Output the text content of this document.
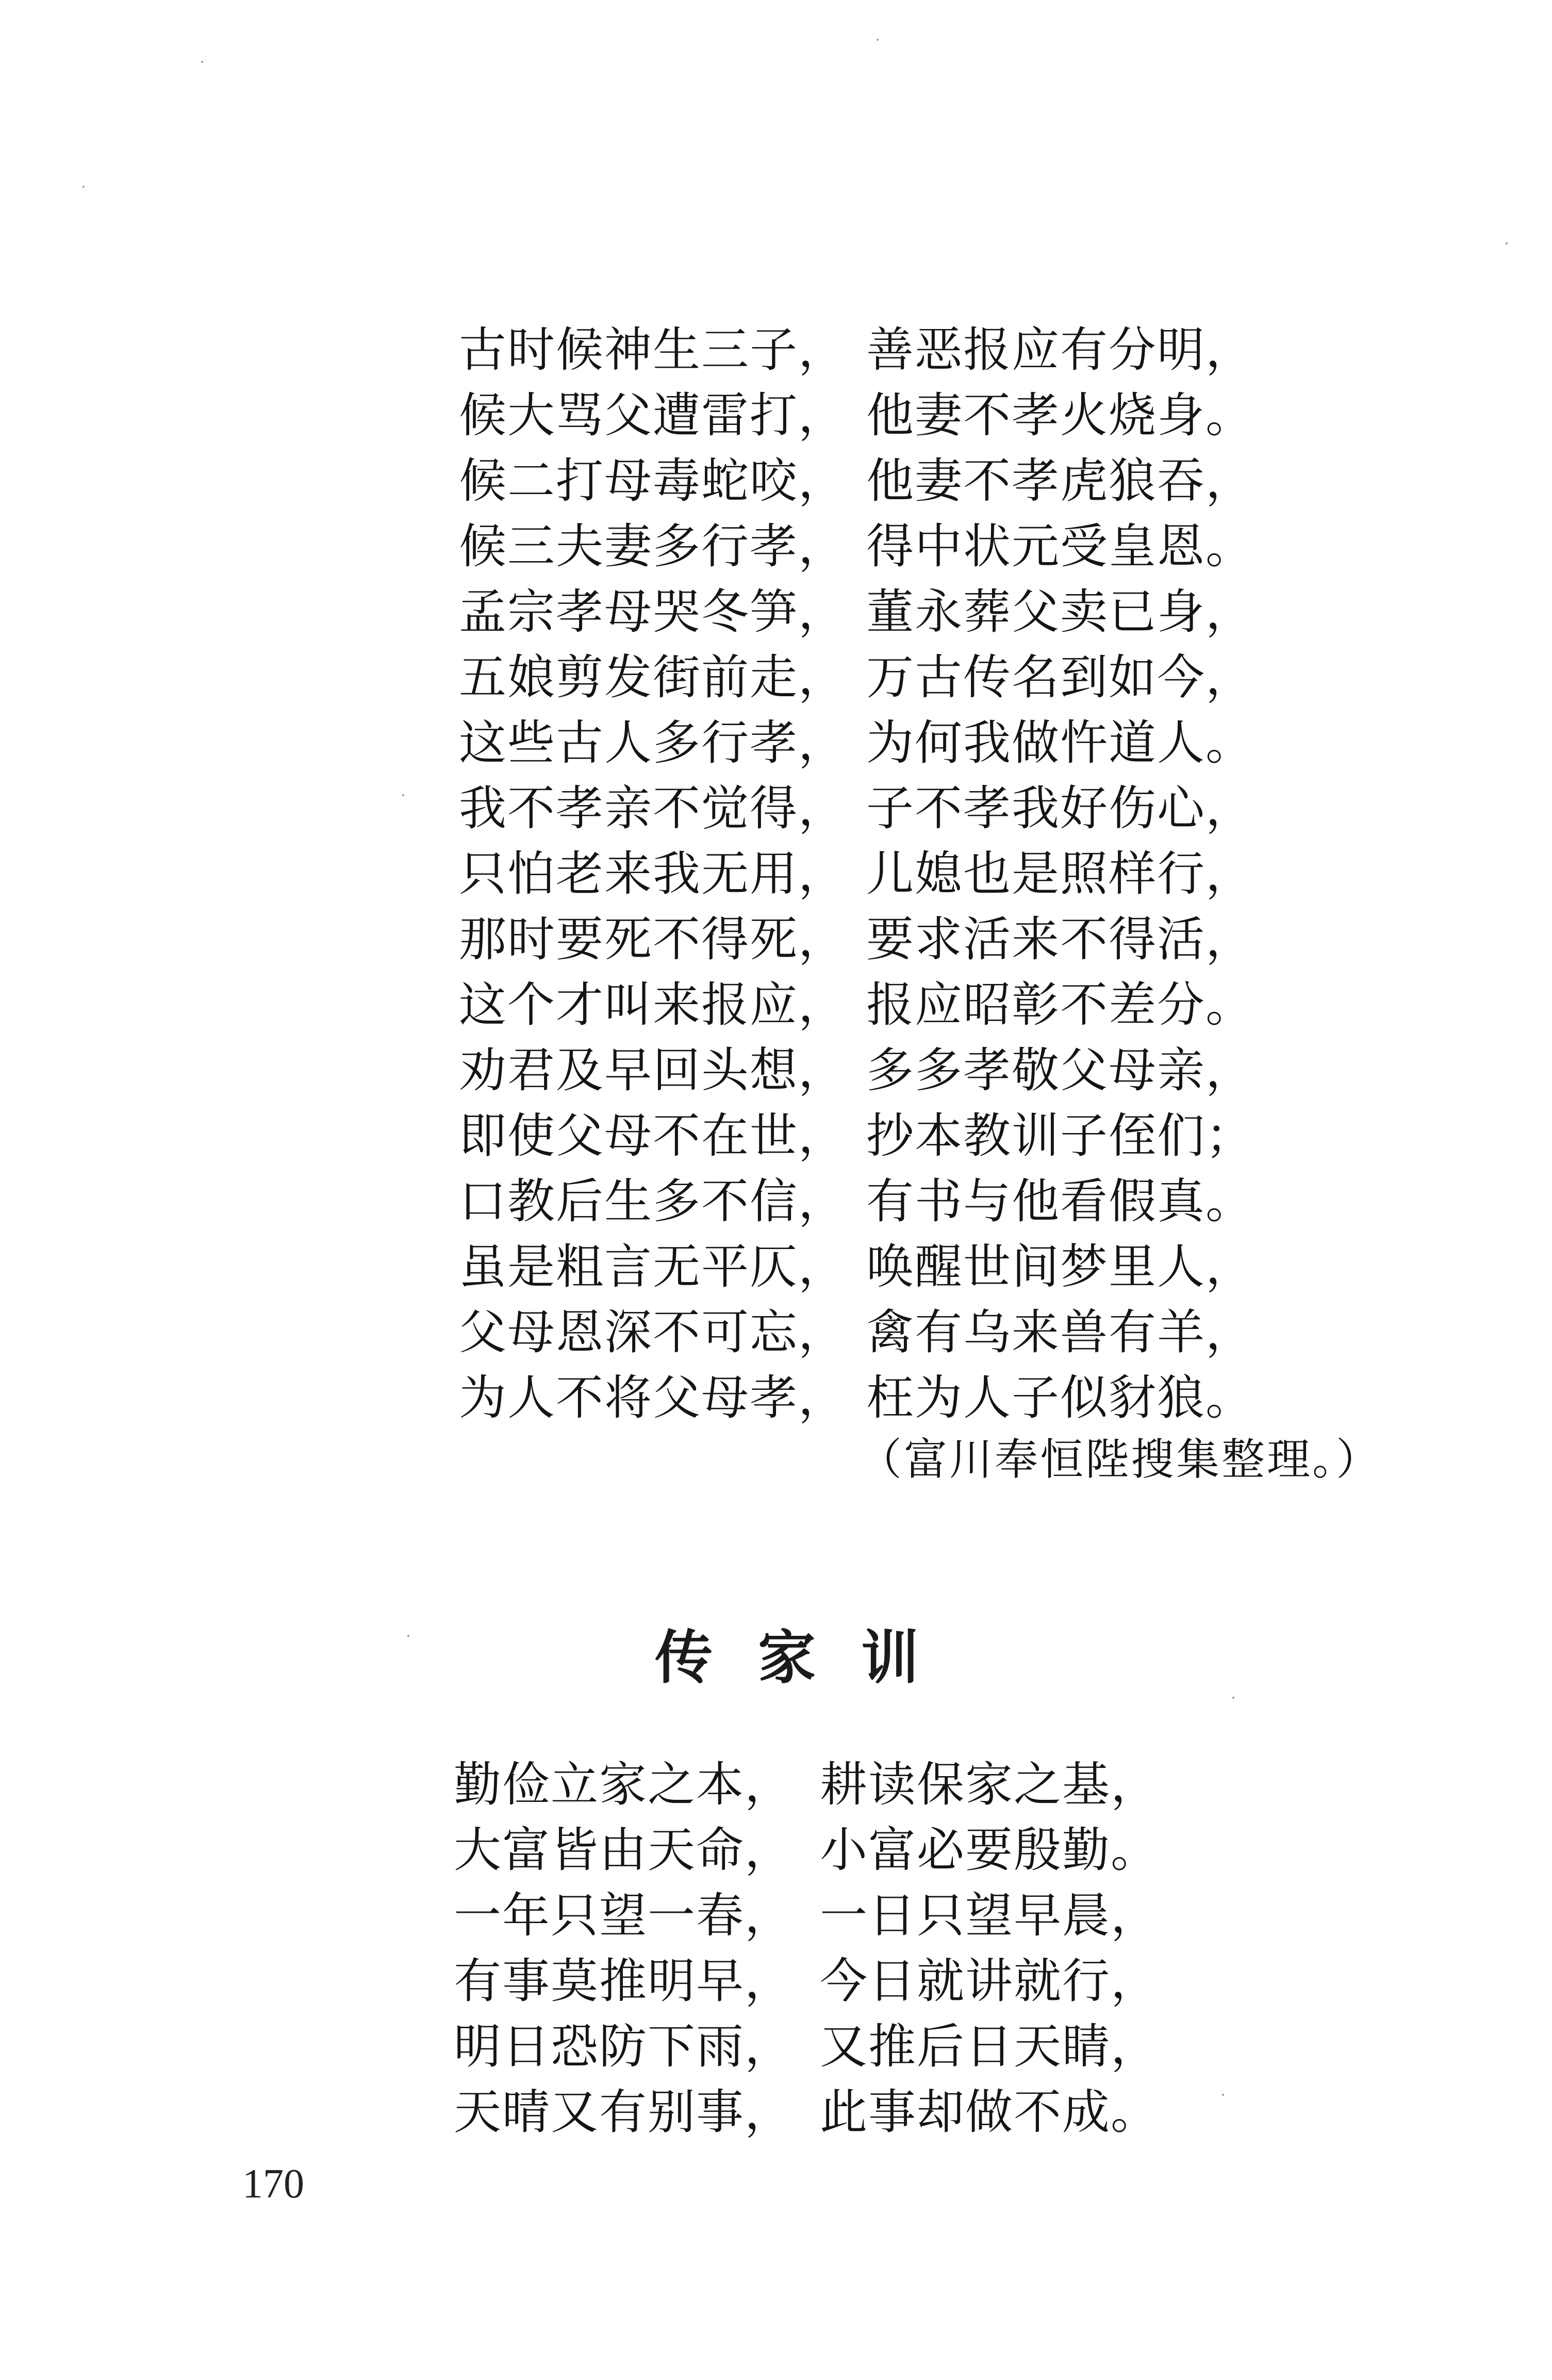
古时候神生三子， 善恶报应有分明，
候大骂父遭雷打， 他妻不孝火烧身。
候二打母毒蛇咬， 他妻不孝虎狼吞，
候三夫妻多行孝， 得中状元受皇恩。
孟宗孝母哭冬笋， 董永葬父卖已身，
五娘剪发街前走， 万古传名到如今，
这些古人多行孝， 为何我做忤道人。
我不孝亲不觉得， 子不孝我好伤心，
只怕老来我无用， 儿媳也是照样行，
那时要死不得死， 要求活来不得活，
这个才叫来报应， 报应昭彰不差分。
劝君及早回头想， 多多孝敬父母亲，
即使父母不在世， 抄本教训子侄们；
口教后生多不信， 有书与他看假真。
虽是粗言无平仄， 唤醒世间梦里人，
父母恩深不可忘， 禽有乌来兽有羊，
为人不将父母孝， 枉为人子似豺狼。
（富川奉恒陛搜集整理。）
传家训
勤俭立家之本， 耕读保家之基，
大富皆由天命， 小富必要殷勤。
一年只望一春， 一日只望早晨，
有事莫推明早， 今日就讲就行，
明日恐防下雨， 又推后日天睛，
天晴又有别事， 此事却做不成。
170
